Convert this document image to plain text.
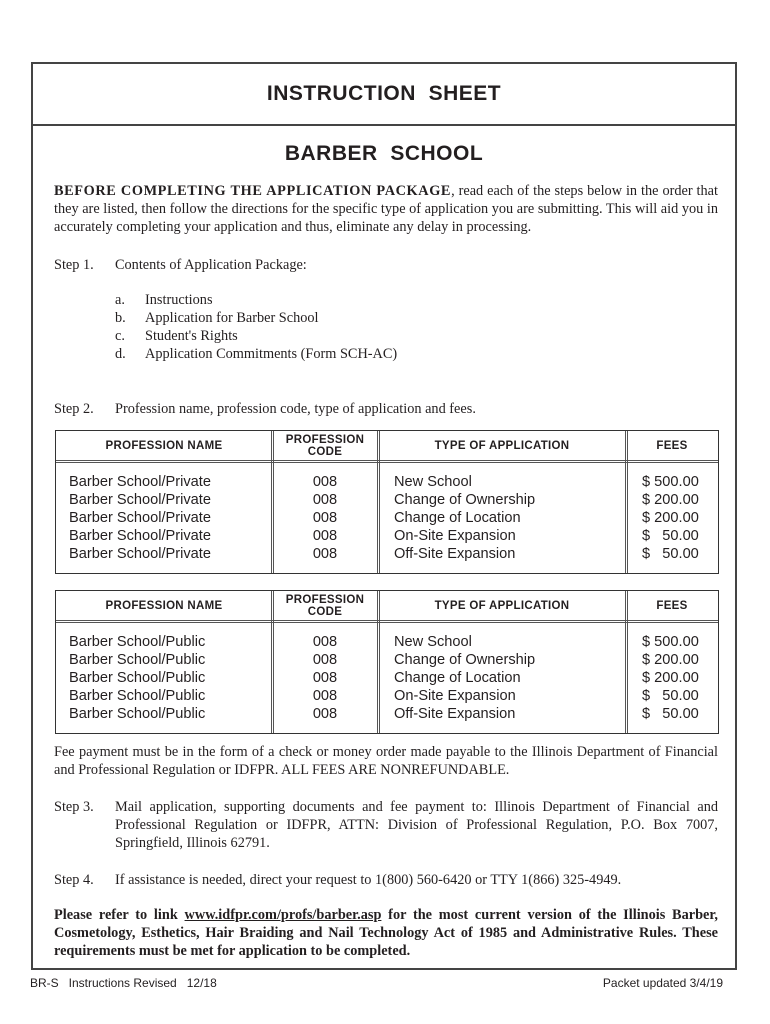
INSTRUCTION  SHEET
BARBER  SCHOOL
BEFORE COMPLETING THE APPLICATION PACKAGE, read each of the steps below in the order that they are listed, then follow the directions for the specific type of application you are submitting. This will aid you in accurately completing your application and thus, eliminate any delay in processing.
Step 1. Contents of Application Package:
a. Instructions
b. Application for Barber School
c. Student's Rights
d. Application Commitments (Form SCH-AC)
Step 2. Profession name, profession code, type of application and fees.
PROFESSION NAME	PROFESSION CODE	TYPE OF APPLICATION	FEES
Barber School/Private	008	New School	$ 500.00
Barber School/Private	008	Change of Ownership	$ 200.00
Barber School/Private	008	Change of Location	$ 200.00
Barber School/Private	008	On-Site Expansion	$   50.00
Barber School/Private	008	Off-Site Expansion	$   50.00
PROFESSION NAME	PROFESSION CODE	TYPE OF APPLICATION	FEES
Barber School/Public	008	New School	$ 500.00
Barber School/Public	008	Change of Ownership	$ 200.00
Barber School/Public	008	Change of Location	$ 200.00
Barber School/Public	008	On-Site Expansion	$   50.00
Barber School/Public	008	Off-Site Expansion	$   50.00
Fee payment must be in the form of a check or money order made payable to the Illinois Department of Financial and Professional Regulation or IDFPR. ALL FEES ARE NONREFUNDABLE.
Step 3. Mail application, supporting documents and fee payment to: Illinois Department of Financial and Professional Regulation or IDFPR, ATTN: Division of Professional Regulation, P.O. Box 7007, Springfield, Illinois 62791.
Step 4. If assistance is needed, direct your request to 1(800) 560-6420 or TTY 1(866) 325-4949.
Please refer to link www.idfpr.com/profs/barber.asp for the most current version of the Illinois Barber, Cosmetology, Esthetics, Hair Braiding and Nail Technology Act of 1985 and Administrative Rules. These requirements must be met for application to be completed.
BR-S   Instructions Revised   12/18	Packet updated 3/4/19
